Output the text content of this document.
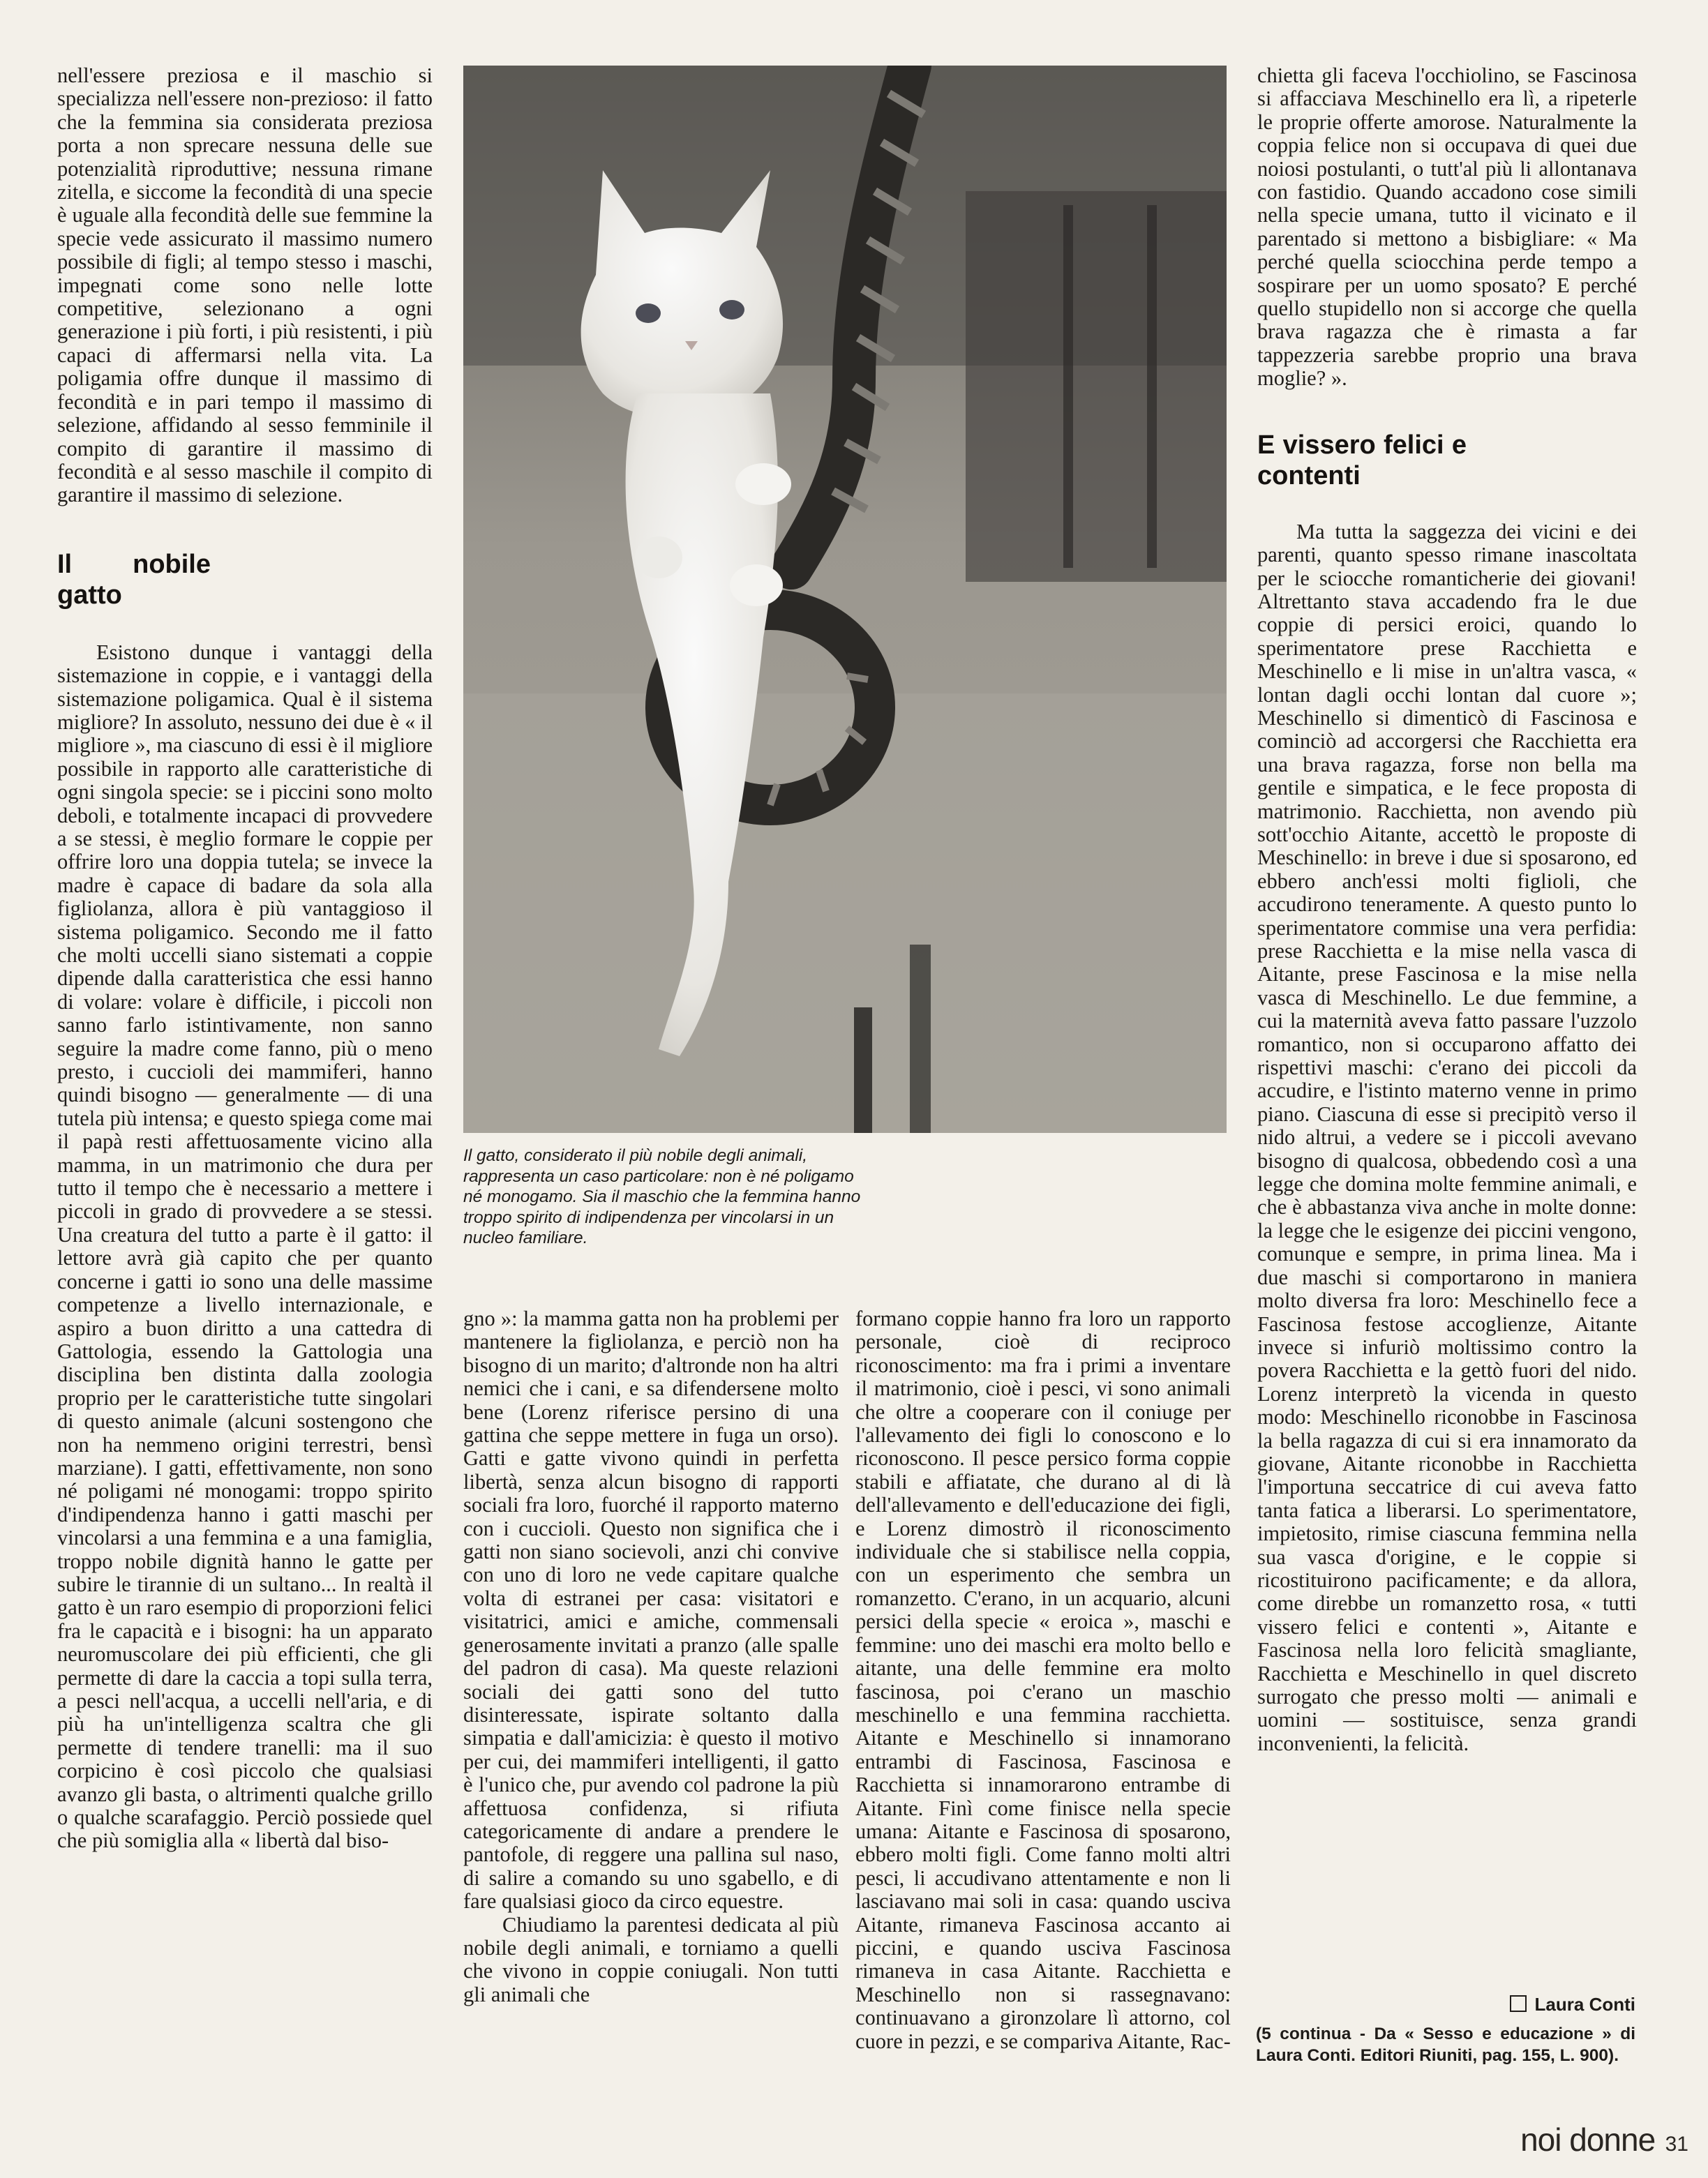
nell'essere preziosa e il maschio si specializza nell'essere non-prezioso: il fatto che la femmina sia considerata preziosa porta a non sprecare nessuna delle sue potenzialità riproduttive; nessuna rimane zitella, e siccome la fecondità di una specie è uguale alla fecondità delle sue femmine la specie vede assicurato il massimo numero possibile di figli; al tempo stesso i maschi, impegnati come sono nelle lotte competitive, selezionano a ogni generazione i più forti, i più resistenti, i più capaci di affermarsi nella vita. La poligamia offre dunque il massimo di fecondità e in pari tempo il massimo di selezione, affidando al sesso femminile il compito di garantire il massimo di fecondità e al sesso maschile il compito di garantire il massimo di selezione.

Il nobile gatto

Esistono dunque i vantaggi della sistemazione in coppie, e i vantaggi della sistemazione poligamica. Qual è il sistema migliore? In assoluto, nessuno dei due è « il migliore », ma ciascuno di essi è il migliore possibile in rapporto alle caratteristiche di ogni singola specie: se i piccini sono molto deboli, e totalmente incapaci di provvedere a se stessi, è meglio formare le coppie per offrire loro una doppia tutela; se invece la madre è capace di badare da sola alla figliolanza, allora è più vantaggioso il sistema poligamico. Secondo me il fatto che molti uccelli siano sistemati a coppie dipende dalla caratteristica che essi hanno di volare: volare è difficile, i piccoli non sanno farlo istintivamente, non sanno seguire la madre come fanno, più o meno presto, i cuccioli dei mammiferi, hanno quindi bisogno — generalmente — di una tutela più intensa; e questo spiega come mai il papà resti affettuosamente vicino alla mamma, in un matrimonio che dura per tutto il tempo che è necessario a mettere i piccoli in grado di provvedere a se stessi. Una creatura del tutto a parte è il gatto: il lettore avrà già capito che per quanto concerne i gatti io sono una delle massime competenze a livello internazionale, e aspiro a buon diritto a una cattedra di Gattologia, essendo la Gattologia una disciplina ben distinta dalla zoologia proprio per le caratteristiche tutte singolari di questo animale (alcuni sostengono che non ha nemmeno origini terrestri, bensì marziane). I gatti, effettivamente, non sono né poligami né monogami: troppo spirito d'indipendenza hanno i gatti maschi per vincolarsi a una femmina e a una famiglia, troppo nobile dignità hanno le gatte per subire le tirannie di un sultano... In realtà il gatto è un raro esempio di proporzioni felici fra le capacità e i bisogni: ha un apparato neuromuscolare dei più efficienti, che gli permette di dare la caccia a topi sulla terra, a pesci nell'acqua, a uccelli nell'aria, e di più ha un'intelligenza scaltra che gli permette di tendere tranelli: ma il suo corpicino è così piccolo che qualsiasi avanzo gli basta, o altrimenti qualche grillo o qualche scarafaggio. Perciò possiede quel che più somiglia alla « libertà dal biso-

Il gatto, considerato il più nobile degli animali, rappresenta un caso particolare: non è né poligamo né monogamo. Sia il maschio che la femmina hanno troppo spirito di indipendenza per vincolarsi in un nucleo familiare.

gno »: la mamma gatta non ha problemi per mantenere la figliolanza, e perciò non ha bisogno di un marito; d'altronde non ha altri nemici che i cani, e sa difendersene molto bene (Lorenz riferisce persino di una gattina che seppe mettere in fuga un orso). Gatti e gatte vivono quindi in perfetta libertà, senza alcun bisogno di rapporti sociali fra loro, fuorché il rapporto materno con i cuccioli. Questo non significa che i gatti non siano socievoli, anzi chi convive con uno di loro ne vede capitare qualche volta di estranei per casa: visitatori e visitatrici, amici e amiche, commensali generosamente invitati a pranzo (alle spalle del padron di casa). Ma queste relazioni sociali dei gatti sono del tutto disinteressate, ispirate soltanto dalla simpatia e dall'amicizia: è questo il motivo per cui, dei mammiferi intelligenti, il gatto è l'unico che, pur avendo col padrone la più affettuosa confidenza, si rifiuta categoricamente di andare a prendere le pantofole, di reggere una pallina sul naso, di salire a comando su uno sgabello, e di fare qualsiasi gioco da circo equestre.

Chiudiamo la parentesi dedicata al più nobile degli animali, e torniamo a quelli che vivono in coppie coniugali. Non tutti gli animali che

formano coppie hanno fra loro un rapporto personale, cioè di reciproco riconoscimento: ma fra i primi a inventare il matrimonio, cioè i pesci, vi sono animali che oltre a cooperare con il coniuge per l'allevamento dei figli lo conoscono e lo riconoscono. Il pesce persico forma coppie stabili e affiatate, che durano al di là dell'allevamento e dell'educazione dei figli, e Lorenz dimostrò il riconoscimento individuale che si stabilisce nella coppia, con un esperimento che sembra un romanzetto. C'erano, in un acquario, alcuni persici della specie « eroica », maschi e femmine: uno dei maschi era molto bello e aitante, una delle femmine era molto fascinosa, poi c'erano un maschio meschinello e una femmina racchietta. Aitante e Meschinello si innamorano entrambi di Fascinosa, Fascinosa e Racchietta si innamorarono entrambe di Aitante. Finì come finisce nella specie umana: Aitante e Fascinosa di sposarono, ebbero molti figli. Come fanno molti altri pesci, li accudivano attentamente e non li lasciavano mai soli in casa: quando usciva Aitante, rimaneva Fascinosa accanto ai piccini, e quando usciva Fascinosa rimaneva in casa Aitante. Racchietta e Meschinello non si rassegnavano: continuavano a gironzolare lì attorno, col cuore in pezzi, e se compariva Aitante, Rac-

chietta gli faceva l'occhiolino, se Fascinosa si affacciava Meschinello era lì, a ripeterle le proprie offerte amorose. Naturalmente la coppia felice non si occupava di quei due noiosi postulanti, o tutt'al più li allontanava con fastidio. Quando accadono cose simili nella specie umana, tutto il vicinato e il parentado si mettono a bisbigliare: « Ma perché quella sciocchina perde tempo a sospirare per un uomo sposato? E perché quello stupidello non si accorge che quella brava ragazza che è rimasta a far tappezzeria sarebbe proprio una brava moglie? ».

E vissero felici e contenti

Ma tutta la saggezza dei vicini e dei parenti, quanto spesso rimane inascoltata per le sciocche romanticherie dei giovani! Altrettanto stava accadendo fra le due coppie di persici eroici, quando lo sperimentatore prese Racchietta e Meschinello e li mise in un'altra vasca, « lontan dagli occhi lontan dal cuore »; Meschinello si dimenticò di Fascinosa e cominciò ad accorgersi che Racchietta era una brava ragazza, forse non bella ma gentile e simpatica, e le fece proposta di matrimonio. Racchietta, non avendo più sott'occhio Aitante, accettò le proposte di Meschinello: in breve i due si sposarono, ed ebbero anch'essi molti figlioli, che accudirono teneramente. A questo punto lo sperimentatore commise una vera perfidia: prese Racchietta e la mise nella vasca di Aitante, prese Fascinosa e la mise nella vasca di Meschinello. Le due femmine, a cui la maternità aveva fatto passare l'uzzolo romantico, non si occuparono affatto dei rispettivi maschi: c'erano dei piccoli da accudire, e l'istinto materno venne in primo piano. Ciascuna di esse si precipitò verso il nido altrui, a vedere se i piccoli avevano bisogno di qualcosa, obbedendo così a una legge che domina molte femmine animali, e che è abbastanza viva anche in molte donne: la legge che le esigenze dei piccini vengono, comunque e sempre, in prima linea. Ma i due maschi si comportarono in maniera molto diversa fra loro: Meschinello fece a Fascinosa festose accoglienze, Aitante invece si infuriò moltissimo contro la povera Racchietta e la gettò fuori del nido. Lorenz interpretò la vicenda in questo modo: Meschinello riconobbe in Fascinosa la bella ragazza di cui si era innamorato da giovane, Aitante riconobbe in Racchietta l'importuna seccatrice di cui aveva fatto tanta fatica a liberarsi. Lo sperimentatore, impietosito, rimise ciascuna femmina nella sua vasca d'origine, e le coppie si ricostituirono pacificamente; e da allora, come direbbe un romanzetto rosa, « tutti vissero felici e contenti », Aitante e Fascinosa nella loro felicità smagliante, Racchietta e Meschinello in quel discreto surrogato che presso molti — animali e uomini — sostituisce, senza grandi inconvenienti, la felicità.

Laura Conti
(5 continua - Da « Sesso e educazione » di Laura Conti. Editori Riuniti, pag. 155, L. 900).
noi donne 31
